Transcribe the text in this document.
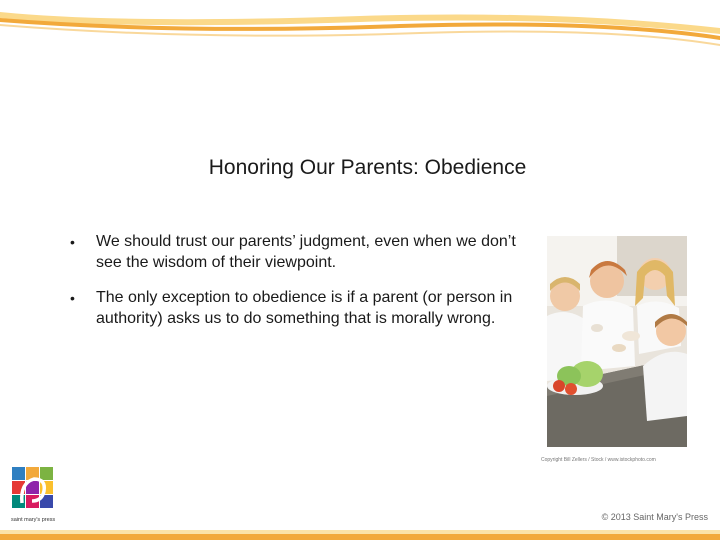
Honoring Our Parents: Obedience
• We should trust our parents’ judgment, even when we don’t see the wisdom of their viewpoint.
• The only exception to obedience is if a parent (or person in authority) asks us to do something that is morally wrong.
Copyright Bill Zellers / Stock / www.istockphoto.com
saint mary's press	© 2013 Saint Mary's Press
